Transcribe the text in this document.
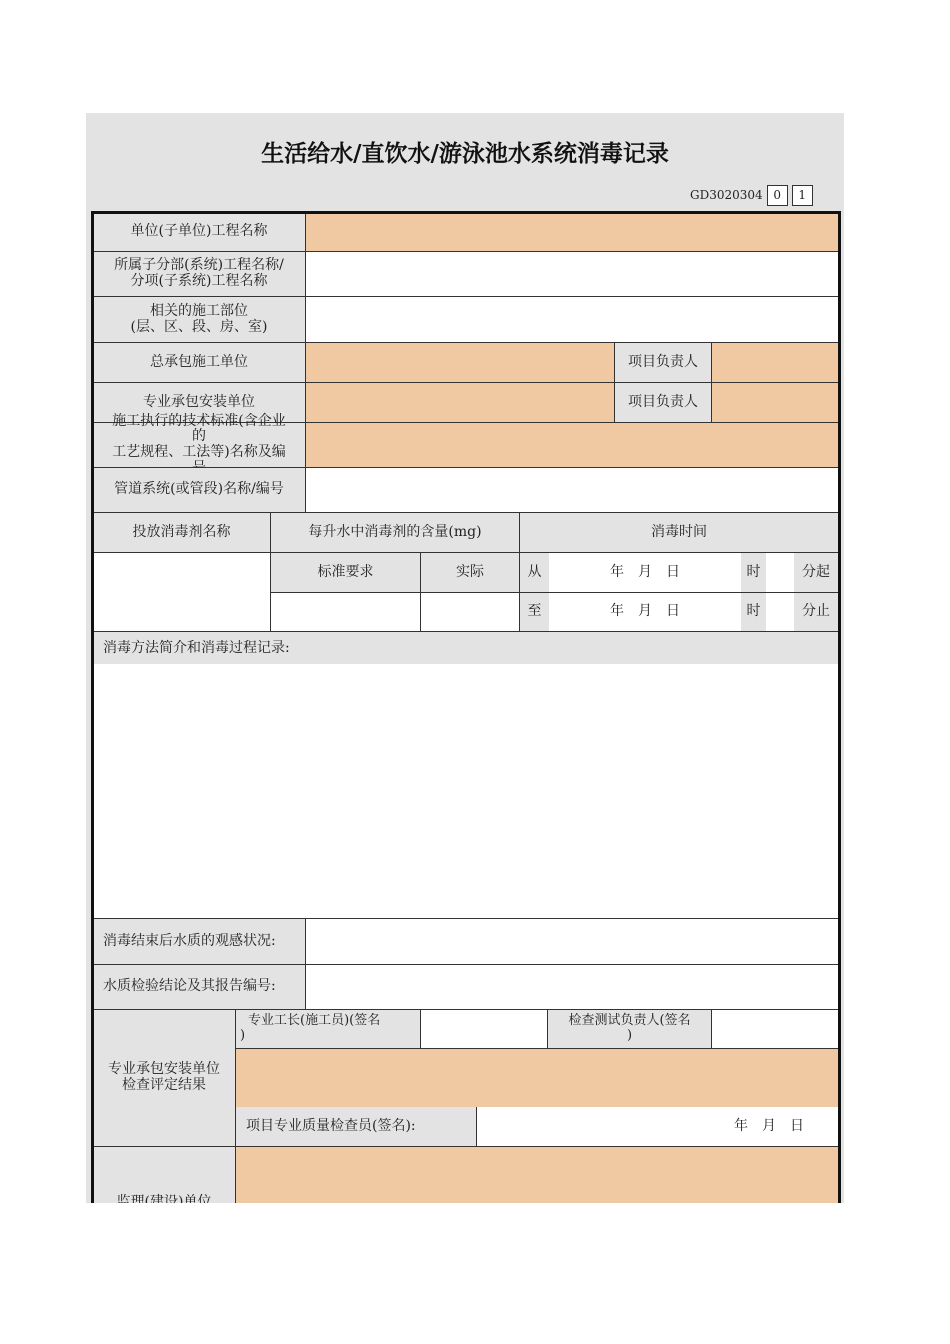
生活给水/直饮水/游泳池水系统消毒记录
GD3020304 0	1
单位(子单位)工程名称
所属子分部(系统)工程名称/
分项(子系统)工程名称
相关的施工部位
(层、区、段、房、室)
总承包施工单位	项目负责人
专业承包安装单位	项目负责人
施工执行的技术标准(含企业
的
工艺规程、工法等)名称及编
管道系统(或管段)名称/编号
投放消毒剂名称	每升水中消毒剂的含量(mg)	消毒时间
标准要求	实际	从	年　月　日	时	分起
至	年　月　日	时	分止
消毒方法简介和消毒过程记录:
消毒结束后水质的观感状况:
水质检验结论及其报告编号:
专业承包安装单位
检查评定结果
专业工长(施工员)(签名
)
检查测试负责人(签名
)
项目专业质量检查员(签名):	年　月　日
